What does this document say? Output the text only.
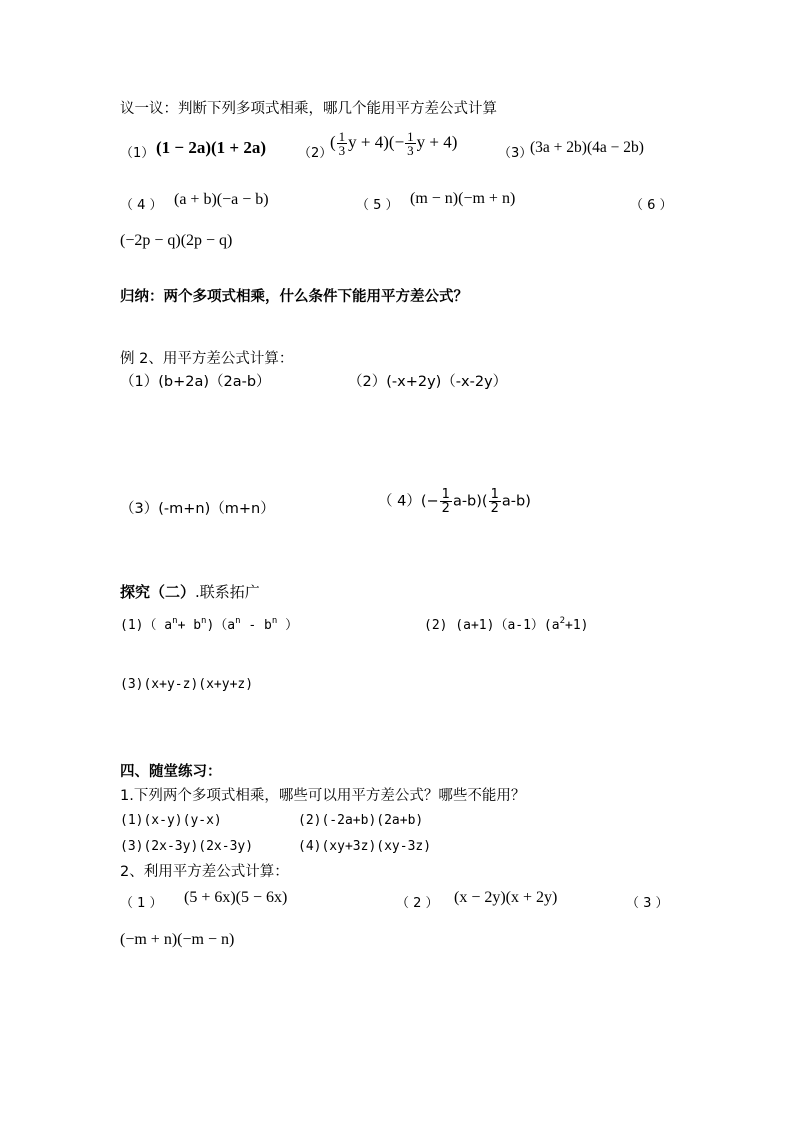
议一议：判断下列多项式相乘，哪几个能用平方差公式计算
（1） (1 − 2a)(1 + 2a) （2）
( $\frac{1}{3}$ $y + 4)(- \frac{1}{3}$ y + 4)
（3）
(3a + 2b)(4a − 2b)
（ 4 ） (a + b)(−a − b)	（ 5 ） (m − n)(−m + n)	（ 6 ）
(−2p − q)(2p − q)
归纳：两个多项式相乘，什么条件下能用平方差公式？
例 2、用平方差公式计算：
（1）(b+2a)（2a-b）	（2）(-x+2y)（-x-2y）
（3）(-m+n)（m+n）	（ $4)(- \frac{1}{2} a-b)( \frac{1}{2} a-b)$
探究（二）.联系拓广
(1)（ $a^n+ b^n)(a^n - b^n$ ）	(2) $(a+1)(a-1)(a^2+1)$
(3)(x+y-z)(x+y+z)
四、随堂练习：
1.下列两个多项式相乘，哪些可以用平方差公式？哪些不能用？
(1)(x-y)(y-x)	(2)(-2a+b)(2a+b)
(3)(2x-3y)(2x-3y)	(4)(xy+3z)(xy-3z)
2、利用平方差公式计算：
（ 1 ） (5 + 6x)(5 − 6x)	（ 2 ） (x − 2y)(x + 2y)	（ 3 ）
(−m + n)(−m − n)
